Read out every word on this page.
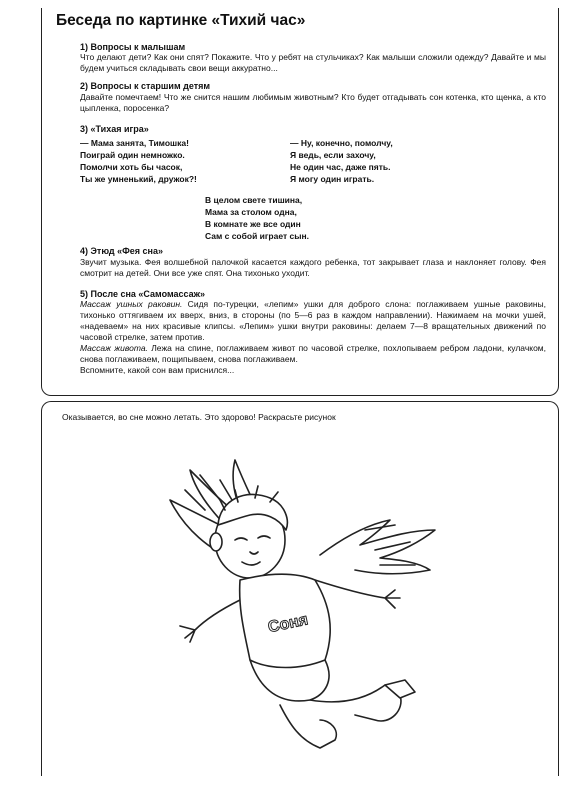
Беседа по картинке «Тихий час»
1) Вопросы к малышам
Что делают дети? Как они спят? Покажите. Что у ребят на стульчиках? Как малыши сложили одежду? Давайте и мы будем учиться складывать свои вещи аккуратно...
2) Вопросы к старшим детям
Давайте помечтаем! Что же снится нашим любимым животным? Кто будет отгадывать сон котенка, кто щенка, а кто цыпленка, поросенка?
3) «Тихая игра»
— Мама занята, Тимошка!
Поиграй один немножко.
Помолчи хоть бы часок,
Ты же умненький, дружок?!
— Ну, конечно, помолчу,
Я ведь, если захочу,
Не один час, даже пять.
Я могу один играть.
В целом свете тишина,
Мама за столом одна,
В комнате же все один
Сам с собой играет сын.
4) Этюд «Фея сна»
Звучит музыка. Фея волшебной палочкой касается каждого ребенка, тот закрывает глаза и наклоняет голову. Фея смотрит на детей. Они все уже спят. Она тихонько уходит.
5) После сна «Самомассаж»
Массаж ушных раковин. Сидя по-турецки, «лепим» ушки для доброго слона: поглаживаем ушные раковины, тихонько оттягиваем их вверх, вниз, в стороны (по 5—6 раз в каждом направлении). Нажимаем на мочки ушей, «надеваем» на них красивые клипсы. «Лепим» ушки внутри раковины: делаем 7—8 вращательных движений по часовой стрелке, затем против.
Массаж живота. Лежа на спине, поглаживаем живот по часовой стрелке, похлопываем ребром ладони, кулачком, снова поглаживаем, пощипываем, снова поглаживаем.
Вспомните, какой сон вам приснился...
Оказывается, во сне можно летать. Это здорово! Раскрасьте рисунок
Соня
